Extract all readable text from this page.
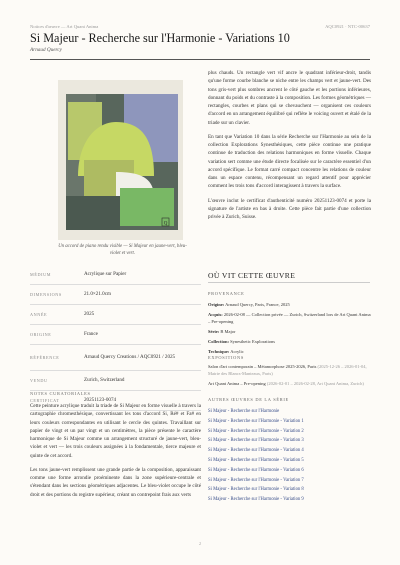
Notices d'œuvre — Art Quant Anima	AQC0921 · NTC-00637
Si Majeur - Recherche sur l'Harmonie - Variations 10
Arnaud Quercy
Q
Un accord de piano rendu visible — Si Majeur en jaune-vert, bleu-violet et vert.
MÉDIUM	Acrylique sur Papier
DIMENSIONS	21.0×21.0cm
ANNÉE	2025
ORIGINE	France
RÉFÉRENCE	Arnaud Quercy Creations / AQC0921 / 2025
VENDU	Zurich, Switzerland
CERTIFICAT	20251123-0074
NOTES CURATORIALES

Cette peinture acrylique traduit la triade de Si Majeur en forme visuelle à travers la cartographie chromesthésique, convertissant les tons d'accord Si, Ré# et Fa# en leurs couleurs correspondantes en utilisant le cercle des quintes. Travaillant sur papier de vingt et un par vingt et un centimètres, la pièce présente le caractère harmonique de Si Majeur comme un arrangement structuré de jaune-vert, bleu-violet et vert — les trois couleurs assignées à la fondamentale, tierce majeure et quinte de cet accord.

Les tons jaune-vert remplissent une grande partie de la composition, apparaissant comme une forme arrondie proéminente dans la zone supérieure-centrale et s'étendant dans les sections géométriques adjacentes. Le bleu-violet occupe le côté droit et des portions du registre supérieur, créant un contrepoint frais aux verts

plus chauds. Un rectangle vert vif ancre le quadrant inférieur-droit, tandis qu'une forme courbe blanche se niche entre les champs vert et jaune-vert. Des tons gris-vert plus sombres ancrent le côté gauche et les portions inférieures, donnant du poids et du contraste à la composition. Les formes géométriques — rectangles, courbes et plans qui se chevauchent — organisent ces couleurs d'accord en un arrangement équilibré qui reflète le voicing ouvert et étalé de la triade sur un clavier.

En tant que Variation 10 dans la série Recherche sur l'Harmonie au sein de la collection Explorations Synesthésiques, cette pièce continue une pratique continue de traduction des relations harmoniques en forme visuelle. Chaque variation sert comme une étude directe focalisée sur le caractère essentiel d'un accord spécifique. Le format carré compact concentre les relations de couleur dans un espace contenu, récompensant un regard attentif pour apprécier comment les trois tons d'accord interagissent à travers la surface.

L'œuvre inclut le certificat d'authenticité numéro 20251123-0074 et porte la signature de l'artiste en bas à droite. Cette pièce fait partie d'une collection privée à Zurich, Suisse.

OÙ VIT CETTE ŒUVRE
PROVENANCE
Origine: Arnaud Quercy, Paris, France, 2025
Acquis: 2026-02-08 — Collection privée — Zurich, Switzerland lors de Art Quant Anima – Pre-opening
Série: B Major
Collection: Synesthetic Explorations
Technique: Acrylic
EXPOSITIONS
Salon d'art contemporain – Métamorphose 2025-2026, Paris (2025-12-26 – 2026-01-04, Mairie des Blancs-Manteaux, Paris)
Art Quant Anima – Pre-opening (2026-02-01 – 2026-02-28, Art Quant Anima, Zurich)
AUTRES ŒUVRES DE LA SÉRIE
Si Majeur - Recherche sur l'Harmonie
Si Majeur - Recherche sur l'Harmonie - Variation 1
Si Majeur - Recherche sur l'Harmonie - Variation 2
Si Majeur - Recherche sur l'Harmonie - Variation 3
Si Majeur - Recherche sur l'Harmonie - Variation 4
Si Majeur - Recherche sur l'Harmonie - Variation 5
Si Majeur - Recherche sur l'Harmonie - Variation 6
Si Majeur - Recherche sur l'Harmonie - Variation 7
Si Majeur - Recherche sur l'Harmonie - Variation 8
Si Majeur - Recherche sur l'Harmonie - Variation 9
2
